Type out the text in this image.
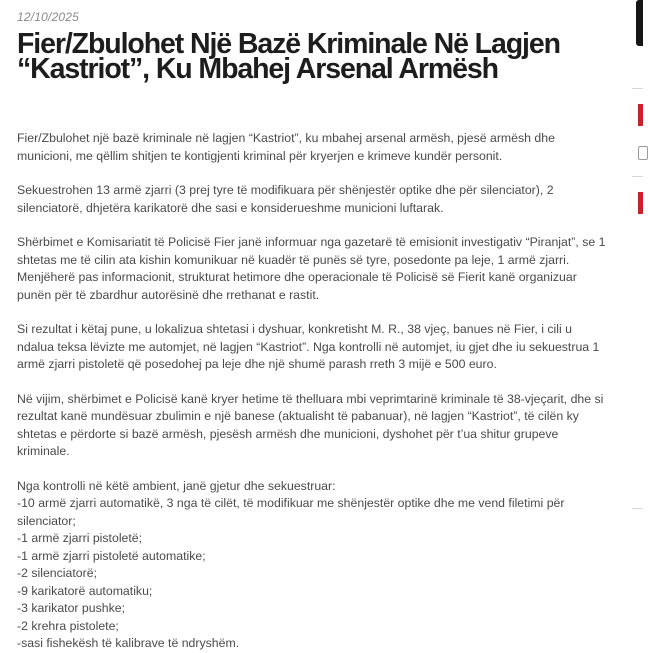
12/10/2025
Fier/Zbulohet Një Bazë Kriminale Në Lagjen “Kastriot”, Ku Mbahej Arsenal Armësh

Fier/Zbulohet një bazë kriminale në lagjen “Kastriot”, ku mbahej arsenal armësh, pjesë armësh dhe municioni, me qëllim shitjen te kontigjenti kriminal për kryerjen e krimeve kundër personit.

Sekuestrohen 13 armë zjarri (3 prej tyre të modifikuara për shënjestër optike dhe për silenciator), 2 silenciatorë, dhjetëra karikatorë dhe sasi e konsiderueshme municioni luftarak.

Shërbimet e Komisariatit të Policisë Fier janë informuar nga gazetarë të emisionit investigativ “Piranjat”, se 1 shtetas me të cilin ata kishin komunikuar në kuadër të punës së tyre, posedonte pa leje, 1 armë zjarri.
Menjëherë pas informacionit, strukturat hetimore dhe operacionale të Policisë së Fierit kanë organizuar punën për të zbardhur autorësinë dhe rrethanat e rastit.

Si rezultat i këtaj pune, u lokalizua shtetasi i dyshuar, konkretisht M. R., 38 vjeç, banues në Fier, i cili u ndalua teksa lëvizte me automjet, në lagjen “Kastriot”. Nga kontrolli në automjet, iu gjet dhe iu sekuestrua 1 armë zjarri pistoletë që posedohej pa leje dhe një shumë parash rreth 3 mijë e 500 euro.

Në vijim, shërbimet e Policisë kanë kryer hetime të thelluara mbi veprimtarinë kriminale të 38-vjeçarit, dhe si rezultat kanë mundësuar zbulimin e një banese (aktualisht të pabanuar), në lagjen “Kastriot”, të cilën ky shtetas e përdorte si bazë armësh, pjesësh armësh dhe municioni, dyshohet për t’ua shitur grupeve kriminale.

Nga kontrolli në këtë ambient, janë gjetur dhe sekuestruar:
-10 armë zjarri automatikë, 3 nga të cilët, të modifikuar me shënjestër optike dhe me vend filetimi për silenciator;
-1 armë zjarri pistoletë;
-1 armë zjarri pistoletë automatike;
-2 silenciatorë;
-9 karikatorë automatiku;
-3 karikator pushke;
-2 krehra pistolete;
-sasi fishekësh të kalibrave të ndryshëm.
